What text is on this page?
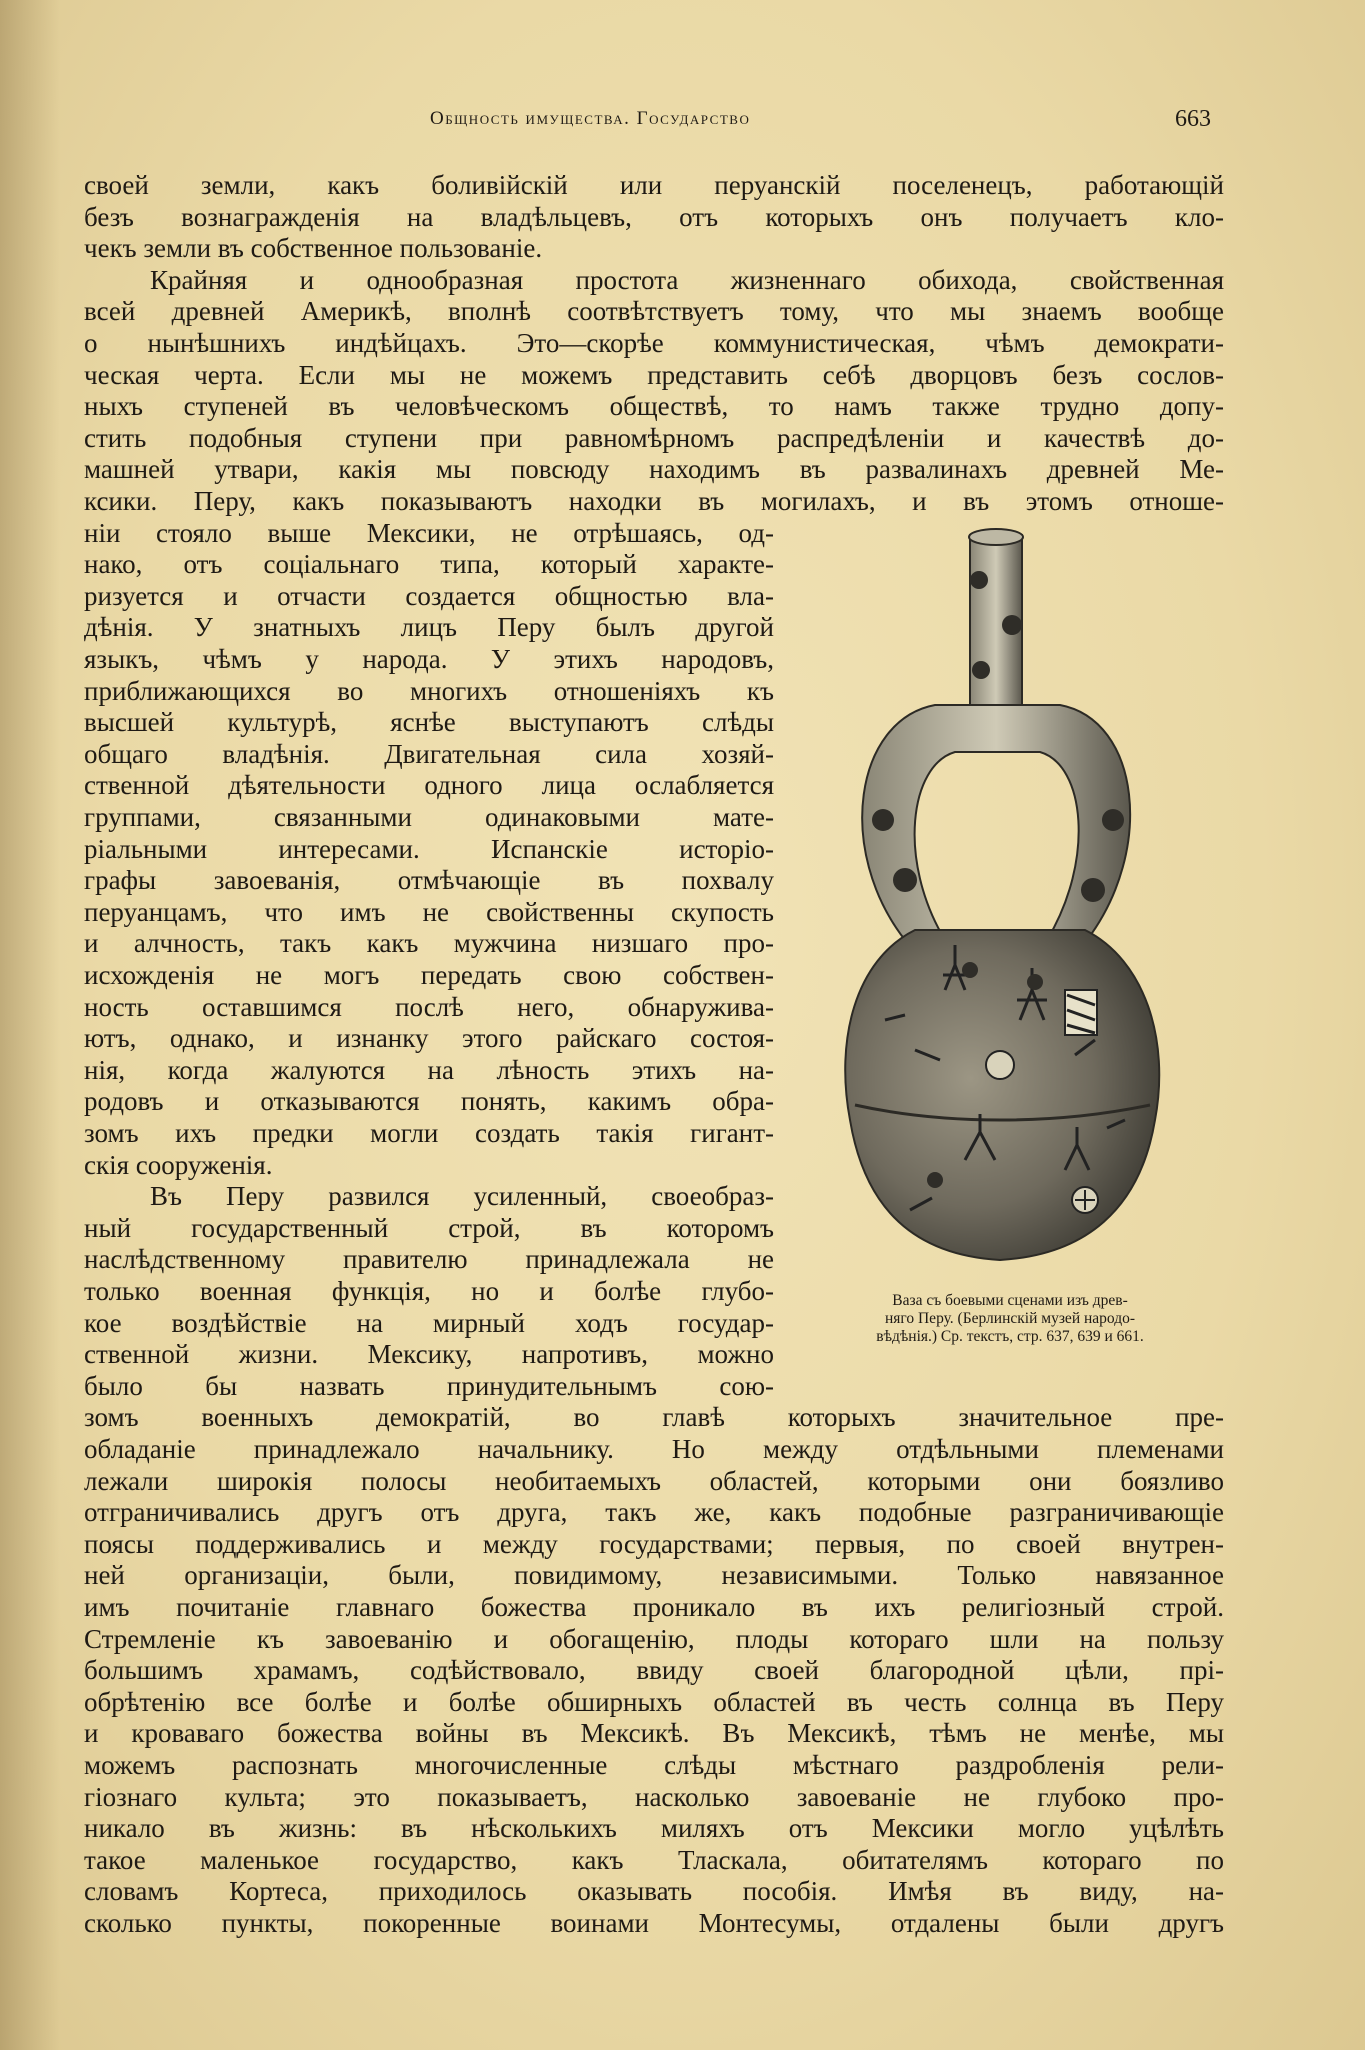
Общность имущества. Государство	663
своей земли, какъ боливійскій или перуанскій поселенецъ, работающій
безъ вознагражденія на владѣльцевъ, отъ которыхъ онъ получаетъ кло-
чекъ земли въ собственное пользованіе.
Крайняя и однообразная простота жизненнаго обихода, свойственная
всей древней Америкѣ, вполнѣ соотвѣтствуетъ тому, что мы знаемъ вообще
о нынѣшнихъ индѣйцахъ. Это—скорѣе коммунистическая, чѣмъ демократи-
ческая черта. Если мы не можемъ представить себѣ дворцовъ безъ сослов-
ныхъ ступеней въ человѣческомъ обществѣ, то намъ также трудно допу-
стить подобныя ступени при равномѣрномъ распредѣленіи и качествѣ до-
машней утвари, какія мы повсюду находимъ въ развалинахъ древней Ме-
ксики. Перу, какъ показываютъ находки въ могилахъ, и въ этомъ отноше-
ніи стояло выше Мексики, не отрѣшаясь, од-
нако, отъ соціальнаго типа, который характе-
ризуется и отчасти создается общностью вла-
дѣнія. У знатныхъ лицъ Перу былъ другой
языкъ, чѣмъ у народа. У этихъ народовъ,
приближающихся во многихъ отношеніяхъ къ
высшей культурѣ, яснѣе выступаютъ слѣды
общаго владѣнія. Двигательная сила хозяй-
ственной дѣятельности одного лица ослабляется
группами, связанными одинаковыми мате-
ріальными интересами. Испанскіе исторіо-
графы завоеванія, отмѣчающіе въ похвалу
перуанцамъ, что имъ не свойственны скупость
и алчность, такъ какъ мужчина низшаго про-
исхожденія не могъ передать свою собствен-
ность оставшимся послѣ него, обнаружива-
ютъ, однако, и изнанку этого райскаго состоя-
нія, когда жалуются на лѣность этихъ на-
родовъ и отказываются понять, какимъ обра-
зомъ ихъ предки могли создать такія гигант-
скія сооруженія.
Въ Перу развился усиленный, своеобраз-
ный государственный строй, въ которомъ
наслѣдственному правителю принадлежала не
только военная функція, но и болѣе глубо-
кое воздѣйствіе на мирный ходъ государ-
ственной жизни. Мексику, напротивъ, можно
было бы назвать принудительнымъ сою-
зомъ военныхъ демократій, во главѣ которыхъ значительное пре-
обладаніе принадлежало начальнику. Но между отдѣльными племенами
лежали широкія полосы необитаемыхъ областей, которыми они боязливо
отграничивались другъ отъ друга, такъ же, какъ подобные разграничивающіе
поясы поддерживались и между государствами; первыя, по своей внутрен-
ней организаціи, были, повидимому, независимыми. Только навязанное
имъ почитаніе главнаго божества проникало въ ихъ религіозный строй.
Стремленіе къ завоеванію и обогащенію, плоды котораго шли на пользу
большимъ храмамъ, содѣйствовало, ввиду своей благородной цѣли, прі-
обрѣтенію все болѣе и болѣе обширныхъ областей въ честь солнца въ Перу
и кроваваго божества войны въ Мексикѣ. Въ Мексикѣ, тѣмъ не менѣе, мы
можемъ распознать многочисленные слѣды мѣстнаго раздробленія рели-
гіознаго культа; это показываетъ, насколько завоеваніе не глубоко про-
никало въ жизнь: въ нѣсколькихъ миляхъ отъ Мексики могло уцѣлѣть
такое маленькое государство, какъ Тласкала, обитателямъ котораго по
словамъ Кортеса, приходилось оказывать пособія. Имѣя въ виду, на-
сколько пункты, покоренные воинами Монтесумы, отдалены были другъ
Ваза съ боевыми сценами изъ древ-
няго Перу. (Берлинскій музей народо-
вѣдѣнія.) Ср. текстъ, стр. 637, 639 и 661.
